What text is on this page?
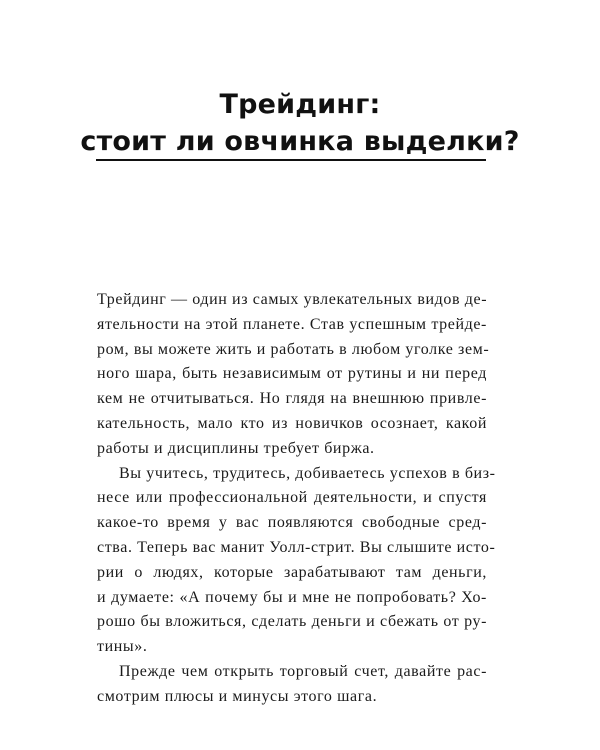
Трейдинг:
стоит ли овчинка выделки?
Трейдинг — один из самых увлекательных видов де-
ятельности на этой планете. Став успешным трейде-
ром, вы можете жить и работать в любом уголке зем-
ного шара, быть независимым от рутины и ни перед
кем не отчитываться. Но глядя на внешнюю привле-
кательность, мало кто из новичков осознает, какой
работы и дисциплины требует биржа.
Вы учитесь, трудитесь, добиваетесь успехов в биз-
несе или профессиональной деятельности, и спустя
какое-то время у вас появляются свободные сред-
ства. Теперь вас манит Уолл-стрит. Вы слышите исто-
рии о людях, которые зарабатывают там деньги,
и думаете: «А почему бы и мне не попробовать? Хо-
рошо бы вложиться, сделать деньги и сбежать от ру-
тины».
Прежде чем открыть торговый счет, давайте рас-
смотрим плюсы и минусы этого шага.
